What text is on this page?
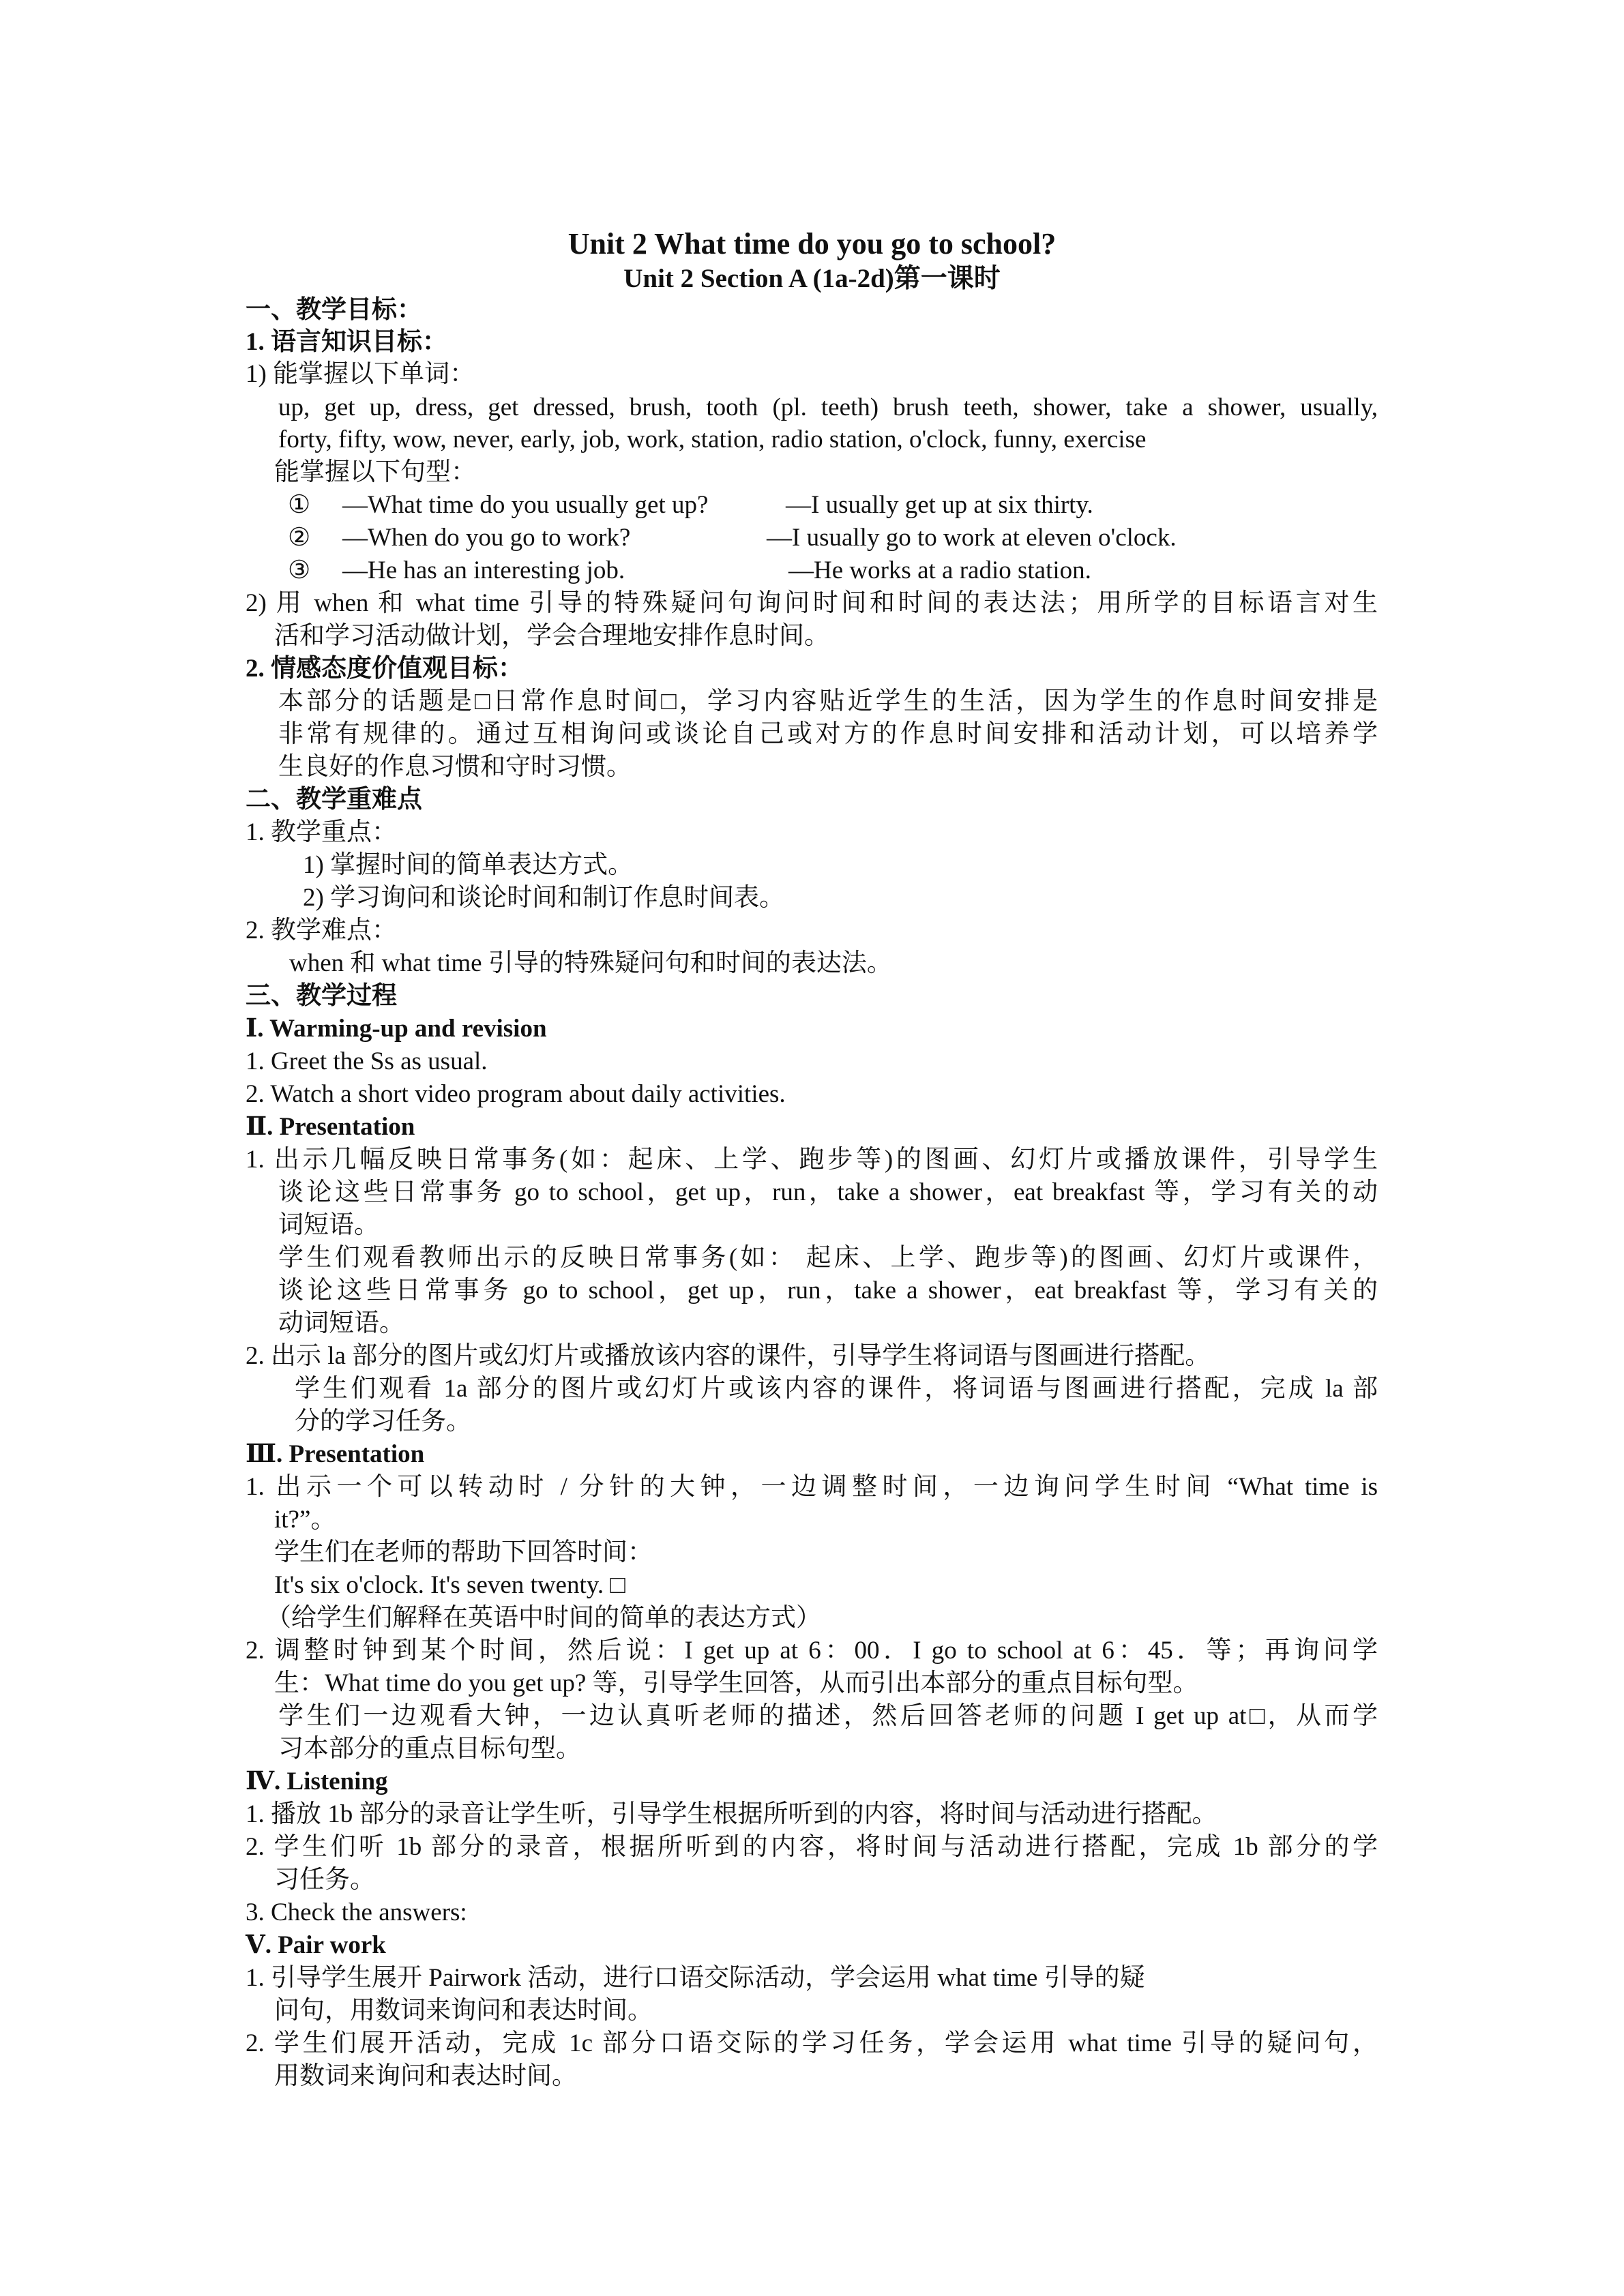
Unit 2 What time do you go to school?
Unit 2 Section A (1a-2d)第一课时
一、教学目标：
1. 语言知识目标：
1) 能掌握以下单词：
up, get up, dress, get dressed, brush, tooth (pl. teeth) brush teeth, shower, take a shower, usually,
forty, fifty, wow, never, early, job, work, station, radio station, o'clock, funny, exercise
能掌握以下句型：
① —What time do you usually get up?	—I usually get up at six thirty.
② —When do you go to work?	—I usually go to work at eleven o'clock.
③ —He has an interesting job.	—He works at a radio station.
2) 用 when 和 what time 引导的特殊疑问句询问时间和时间的表达法；用所学的目标语言对生
活和学习活动做计划，学会合理地安排作息时间。
2. 情感态度价值观目标：
本部分的话题是□日常作息时间□，学习内容贴近学生的生活，因为学生的作息时间安排是
非常有规律的。通过互相询问或谈论自己或对方的作息时间安排和活动计划，可以培养学
生良好的作息习惯和守时习惯。
二、教学重难点
1. 教学重点：
1) 掌握时间的简单表达方式。
2) 学习询问和谈论时间和制订作息时间表。
2. 教学难点：
when 和 what time 引导的特殊疑问句和时间的表达法。
三、教学过程
Ⅰ. Warming-up and revision
1. Greet the Ss as usual.
2. Watch a short video program about daily activities.
Ⅱ. Presentation
1. 出示几幅反映日常事务(如：起床、上学、跑步等)的图画、幻灯片或播放课件，引导学生
谈论这些日常事务 go to school，get up，run，take a shower，eat breakfast 等，学习有关的动
词短语。
学生们观看教师出示的反映日常事务(如： 起床、上学、跑步等)的图画、幻灯片或课件，
谈论这些日常事务 go to school，get up，run，take a shower，eat breakfast 等，学习有关的
动词短语。
2. 出示 la 部分的图片或幻灯片或播放该内容的课件，引导学生将词语与图画进行搭配。
学生们观看 1a 部分的图片或幻灯片或该内容的课件，将词语与图画进行搭配，完成 la 部
分的学习任务。
Ⅲ. Presentation
1. 出示一个可以转动时 / 分针的大钟，一边调整时间，一边询问学生时间 “What time is
it?”。
学生们在老师的帮助下回答时间：
It's six o'clock. It's seven twenty. □
（给学生们解释在英语中时间的简单的表达方式）
2. 调整时钟到某个时间，然后说：I get up at 6：00．I go to school at 6：45．等；再询问学
生：What time do you get up? 等，引导学生回答，从而引出本部分的重点目标句型。
学生们一边观看大钟，一边认真听老师的描述，然后回答老师的问题 I get up at□，从而学
习本部分的重点目标句型。
Ⅳ. Listening
1. 播放 1b 部分的录音让学生听，引导学生根据所听到的内容，将时间与活动进行搭配。
2. 学生们听 1b 部分的录音，根据所听到的内容，将时间与活动进行搭配，完成 1b 部分的学
习任务。
3. Check the answers:
Ⅴ. Pair work
1. 引导学生展开 Pairwork 活动，进行口语交际活动，学会运用 what time 引导的疑
问句，用数词来询问和表达时间。
2. 学生们展开活动，完成 1c 部分口语交际的学习任务，学会运用 what time 引导的疑问句，
用数词来询问和表达时间。
